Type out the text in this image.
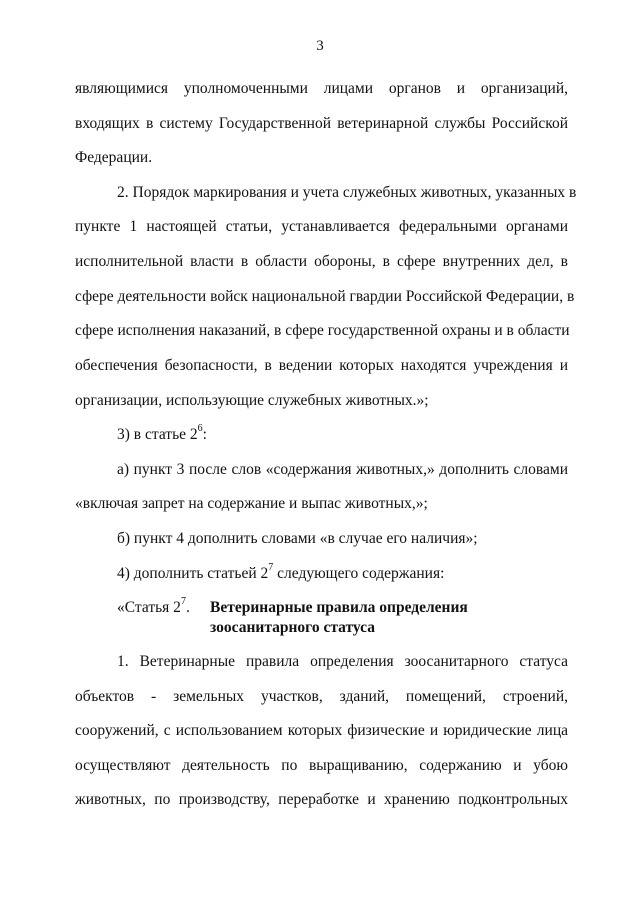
3
являющимися уполномоченными лицами органов и организаций,
входящих в систему Государственной ветеринарной службы Российской
Федерации.
2. Порядок маркирования и учета служебных животных, указанных в
пункте 1 настоящей статьи, устанавливается федеральными органами
исполнительной власти в области обороны, в сфере внутренних дел, в
сфере деятельности войск национальной гвардии Российской Федерации, в
сфере исполнения наказаний, в сфере государственной охраны и в области
обеспечения безопасности, в ведении которых находятся учреждения и
организации, использующие служебных животных.»;
3) в статье $2^6$:
а) пункт 3 после слов «содержания животных,» дополнить словами
«включая запрет на содержание и выпас животных,»;
б) пункт 4 дополнить словами «в случае его наличия»;
4) дополнить статьей $2^7$ следующего содержания:
«Статья $2^7$. Ветеринарные правила определения
зоосанитарного статуса
1. Ветеринарные правила определения зоосанитарного статуса
объектов - земельных участков, зданий, помещений, строений,
сооружений, с использованием которых физические и юридические лица
осуществляют деятельность по выращиванию, содержанию и убою
животных, по производству, переработке и хранению подконтрольных
